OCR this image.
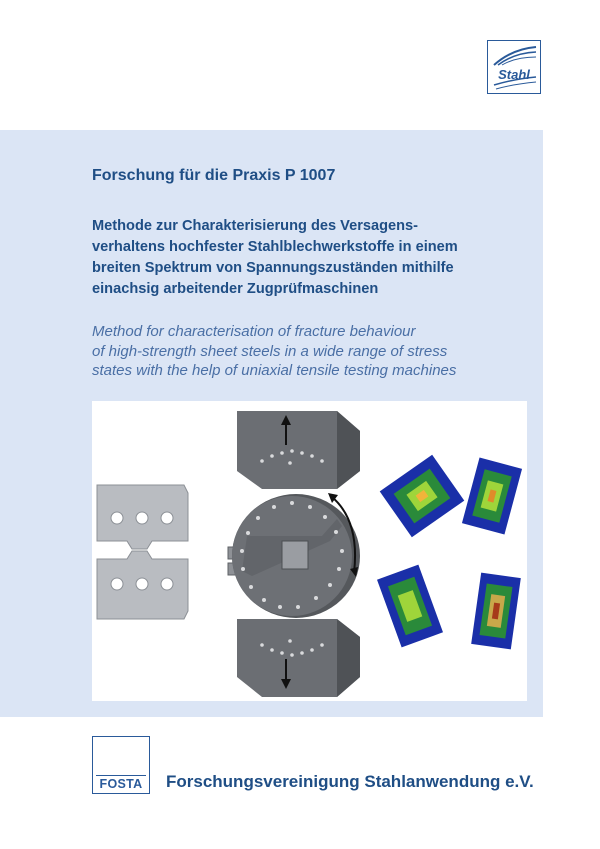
Stahl
Forschung für die Praxis P 1007
Methode zur Charakterisierung des Versagens-
verhaltens hochfester Stahlblechwerkstoffe in einem
breiten Spektrum von Spannungszuständen mithilfe
einachsig arbeitender Zugprüfmaschinen

Method for characterisation of fracture behaviour
of high-strength sheet steels in a wide range of stress
states with the help of uniaxial tensile testing machines

FOSTA	Forschungsvereinigung Stahlanwendung e.V.
